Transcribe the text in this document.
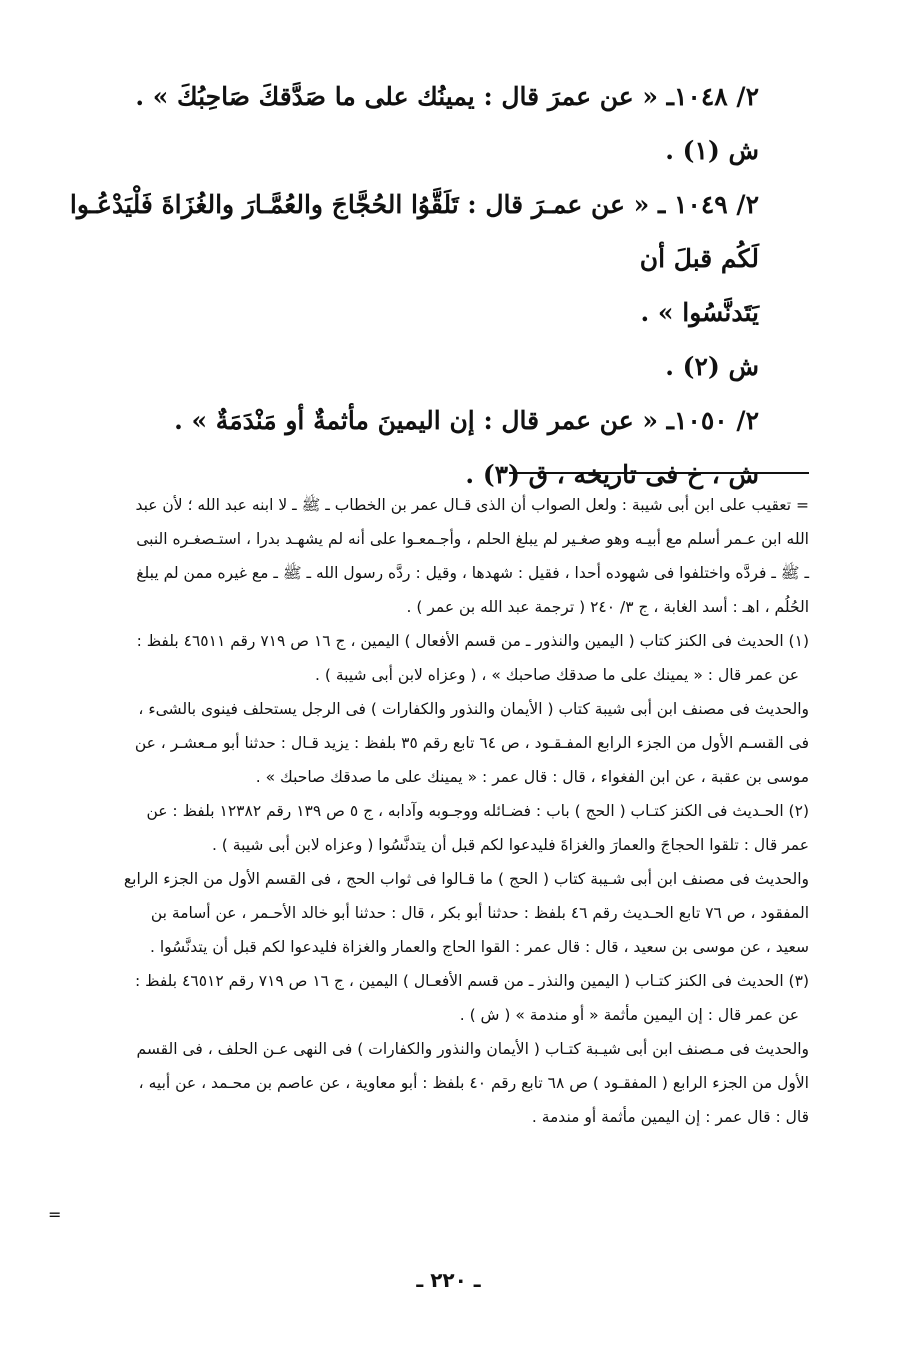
٢/ ١٠٤٨ـ « عن عمرَ قال : يمينُك على ما صَدَّقكَ صَاحِبُكَ » .

ش (١) .

٢/ ١٠٤٩ ـ « عن عمـرَ قال : تَلَقَّوُا الحُجَّاجَ والعُمَّـارَ والغُزَاةَ فَلْيَدْعُـوا لَكُم قبلَ أن

يَتَدنَّسُوا » .

ش (٢) .

٢/ ١٠٥٠ـ « عن عمر قال : إن اليمينَ مأثمةٌ أو مَنْدَمَةٌ » .

ش ، خ فى تاريخه ، ق (٣) .

= تعقيب على ابن أبى شيبة : ولعل الصواب أن الذى قـال عمر بن الخطاب ـ ﷺ ـ لا ابنه عبد الله ؛ لأن عبد

الله ابن عـمر أسلم مع أبيـه وهو صغـير لم يبلغ الحلم ، وأجـمعـوا على أنه لم يشهـد بدرا ، استـصغـره النبى

ـ ﷺ ـ فردَّه واختلفوا فى شهوده أحدا ، فقيل : شهدها ، وقيل : ردَّه رسول الله ـ ﷺ ـ مع غيره ممن لم يبلغ

الحُلُم ، اهـ : أسد الغابة ، ج ٣/ ٢٤٠ ( ترجمة عبد الله بن عمر ) .

(١) الحديث فى الكنز كتاب ( اليمين والنذور ـ من قسم الأفعال ) اليمين ، ج ١٦ ص ٧١٩ رقم ٤٦٥١١ بلفظ :

عن عمر قال : « يمينك على ما صدقك صاحبك » ، ( وعزاه لابن أبى شيبة ) .

والحديث فى مصنف ابن أبى شيبة كتاب ( الأيمان والنذور والكفارات ) فى الرجل يستحلف فينوى بالشىء ،

فى القسـم الأول من الجزء الرابع المفـقـود ، ص ٦٤ تابع رقم ٣٥ بلفظ : يزيد قـال : حدثنا أبو مـعشـر ، عن

موسى بن عقبة ، عن ابن الفغواء ، قال : قال عمر : « يمينك على ما صدقك صاحبك » .

(٢) الحـديث فى الكنز كتـاب ( الحج ) باب : فضـائله ووجـوبه وآدابه ، ج ٥ ص ١٣٩ رقم ١٢٣٨٢ بلفظ : عن

عمر قال : تلقوا الحجاجَ والعمارَ والغزاةَ فليدعوا لكم قبل أن يتدنَّسُوا ( وعزاه لابن أبى شيبة ) .

والحديث فى مصنف ابن أبى شـيبة كتاب ( الحج ) ما قـالوا فى ثواب الحج ، فى القسم الأول من الجزء الرابع

المفقود ، ص ٧٦ تابع الحـديث رقم ٤٦ بلفظ : حدثنا أبو بكر ، قال : حدثنا أبو خالد الأحـمر ، عن أسامة بن

سعيد ، عن موسى بن سعيد ، قال : قال عمر : القوا الحاج والعمار والغزاة فليدعوا لكم قبل أن يتدنَّسُوا .

(٣) الحديث فى الكنز كتـاب ( اليمين والنذر ـ من قسم الأفعـال ) اليمين ، ج ١٦ ص ٧١٩ رقم ٤٦٥١٢ بلفظ :

عن عمر قال : إن اليمين مأثمة « أو مندمة » ( ش ) .

والحديث فى مـصنف ابن أبى شيـبة كتـاب ( الأيمان والنذور والكفارات ) فى النهى عـن الحلف ، فى القسم

الأول من الجزء الرابع ( المفقـود ) ص ٦٨ تابع رقم ٤٠ بلفظ : أبو معاوية ، عن عاصم بن محـمد ، عن أبيه ،

قال : قال عمر : إن اليمين مأثمة أو مندمة .

=
ـ ٢٢٠ ـ
